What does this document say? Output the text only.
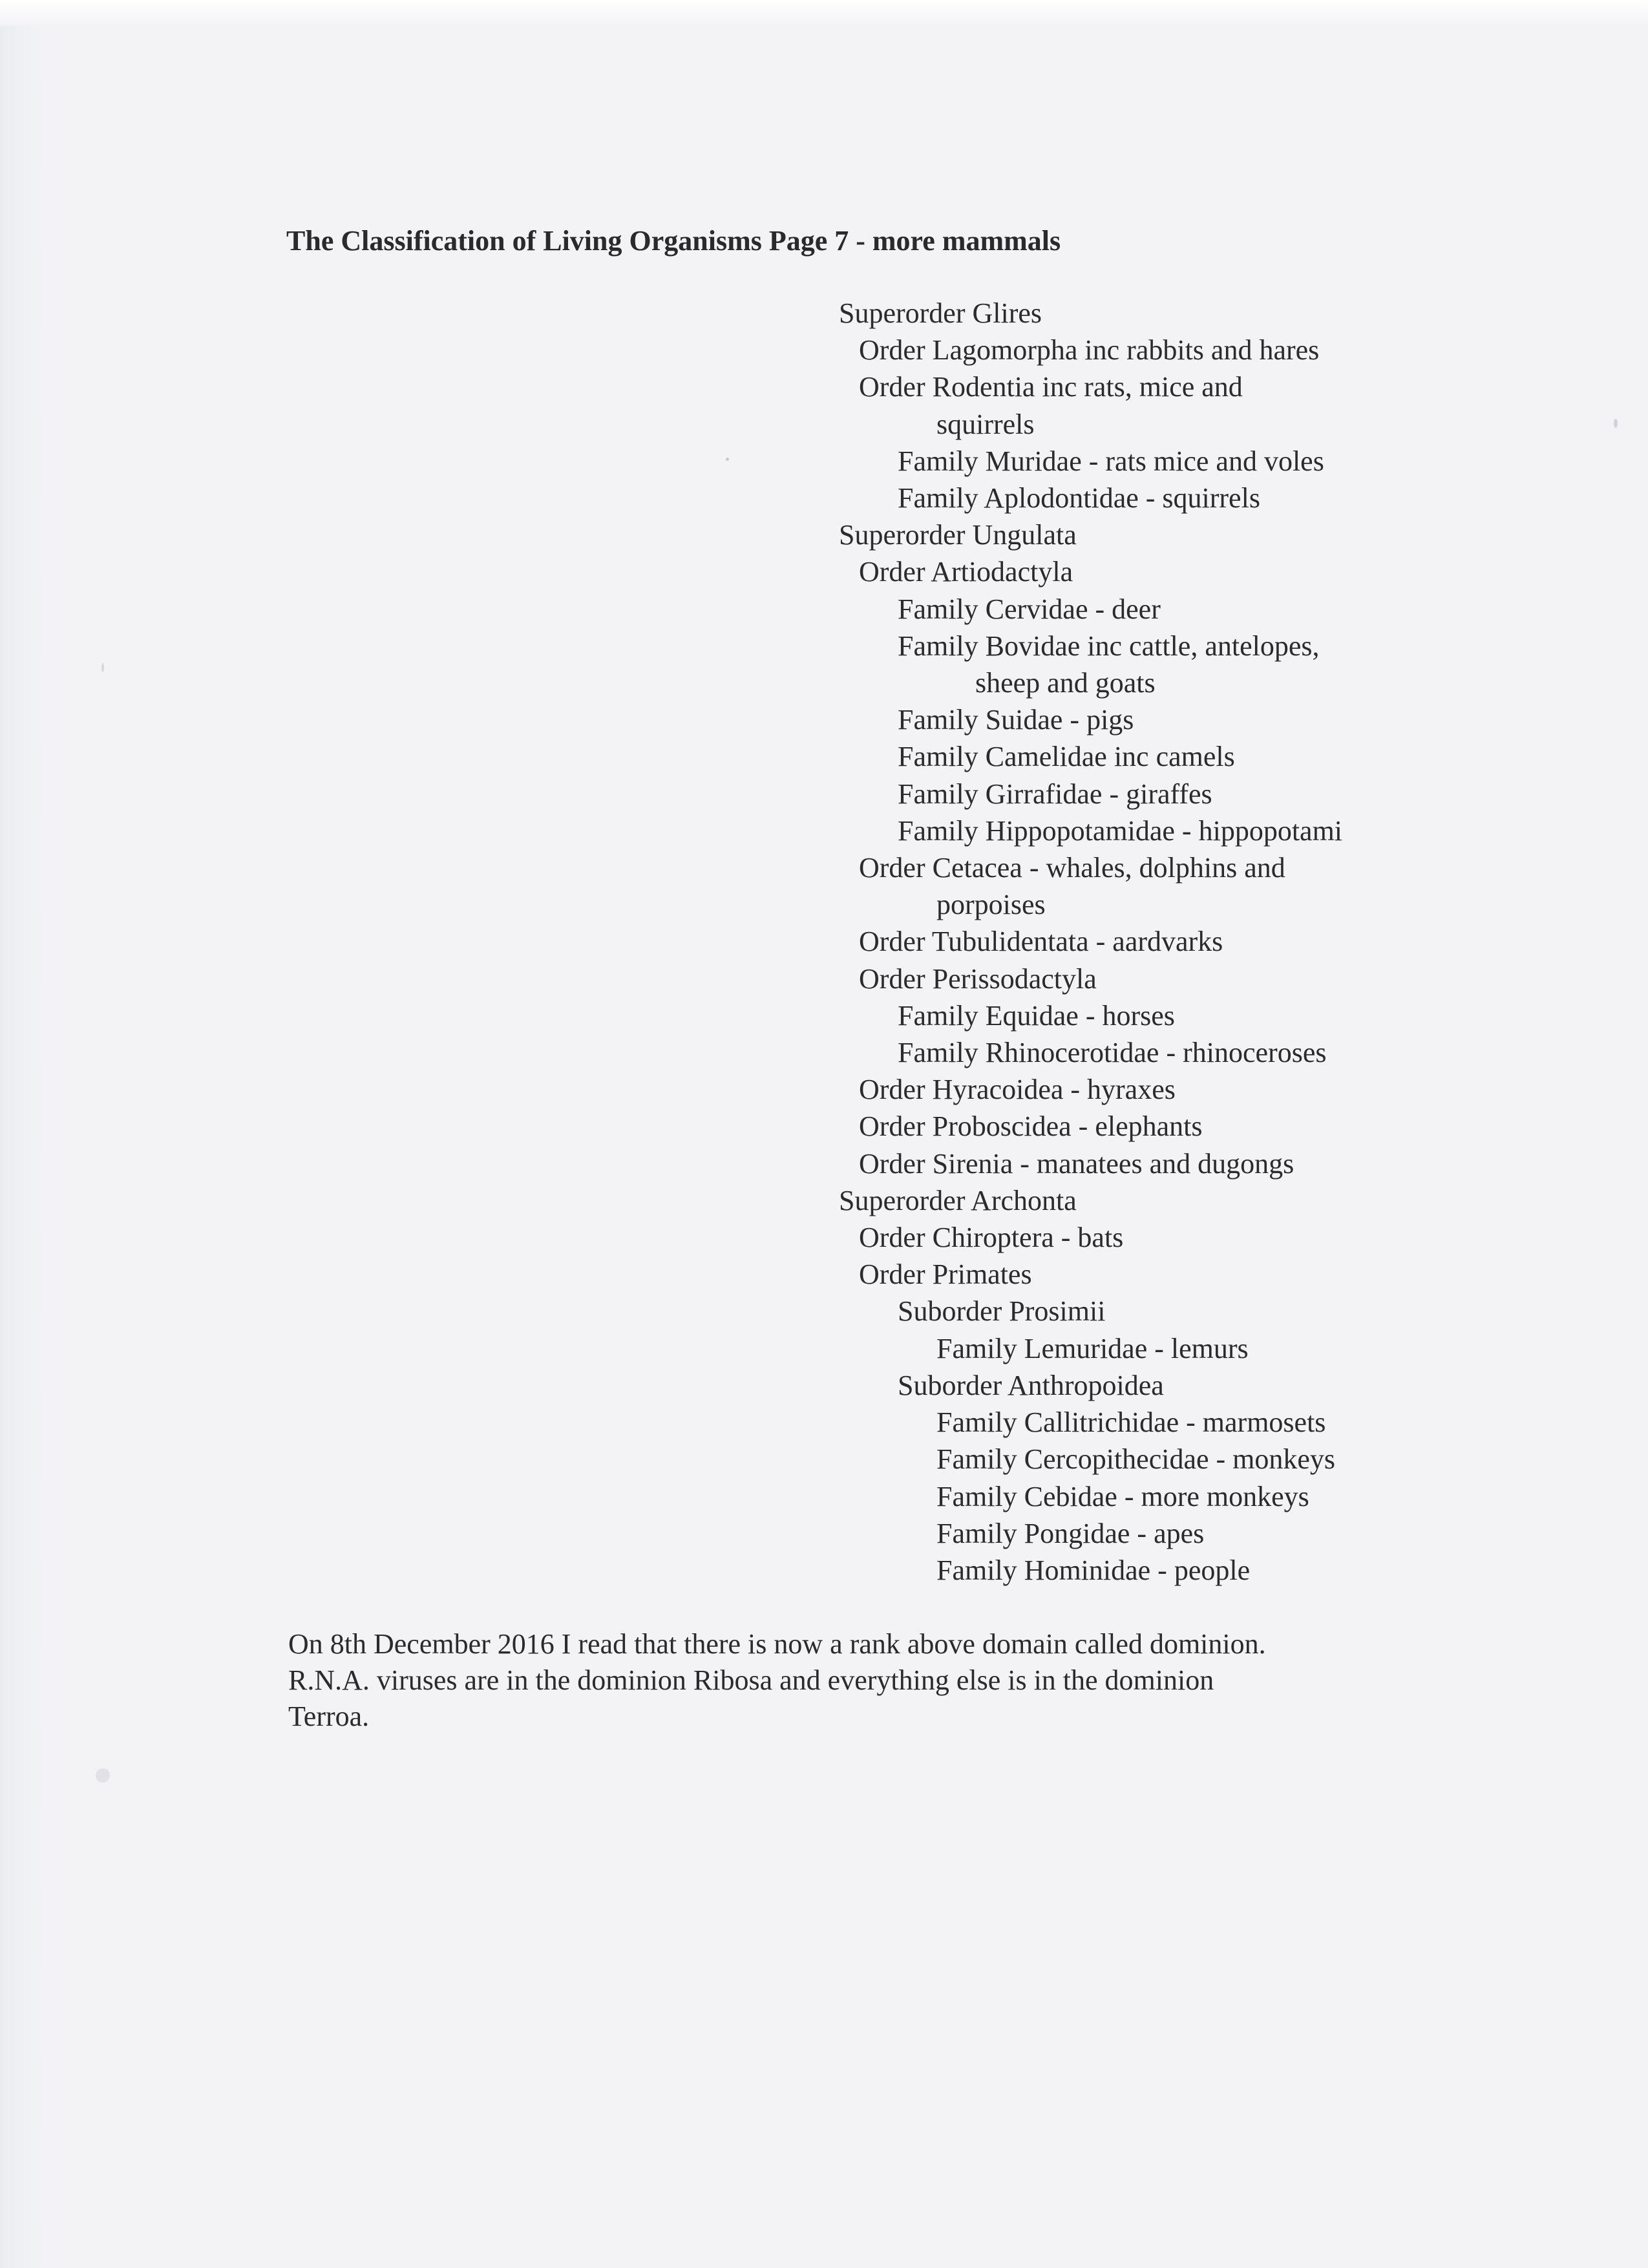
The Classification of Living Organisms Page 7 - more mammals
Superorder Glires
Order Lagomorpha inc rabbits and hares
Order Rodentia inc rats, mice and
squirrels
Family Muridae - rats mice and voles
Family Aplodontidae - squirrels
Superorder Ungulata
Order Artiodactyla
Family Cervidae - deer
Family Bovidae inc cattle, antelopes,
sheep and goats
Family Suidae - pigs
Family Camelidae inc camels
Family Girrafidae - giraffes
Family Hippopotamidae - hippopotami
Order Cetacea - whales, dolphins and
porpoises
Order Tubulidentata - aardvarks
Order Perissodactyla
Family Equidae - horses
Family Rhinocerotidae - rhinoceroses
Order Hyracoidea - hyraxes
Order Proboscidea - elephants
Order Sirenia - manatees and dugongs
Superorder Archonta
Order Chiroptera - bats
Order Primates
Suborder Prosimii
Family Lemuridae - lemurs
Suborder Anthropoidea
Family Callitrichidae - marmosets
Family Cercopithecidae - monkeys
Family Cebidae - more monkeys
Family Pongidae - apes
Family Hominidae - people

On 8th December 2016 I read that there is now a rank above domain called dominion.

R.N.A. viruses are in the dominion Ribosa and everything else is in the dominion

Terroa.
